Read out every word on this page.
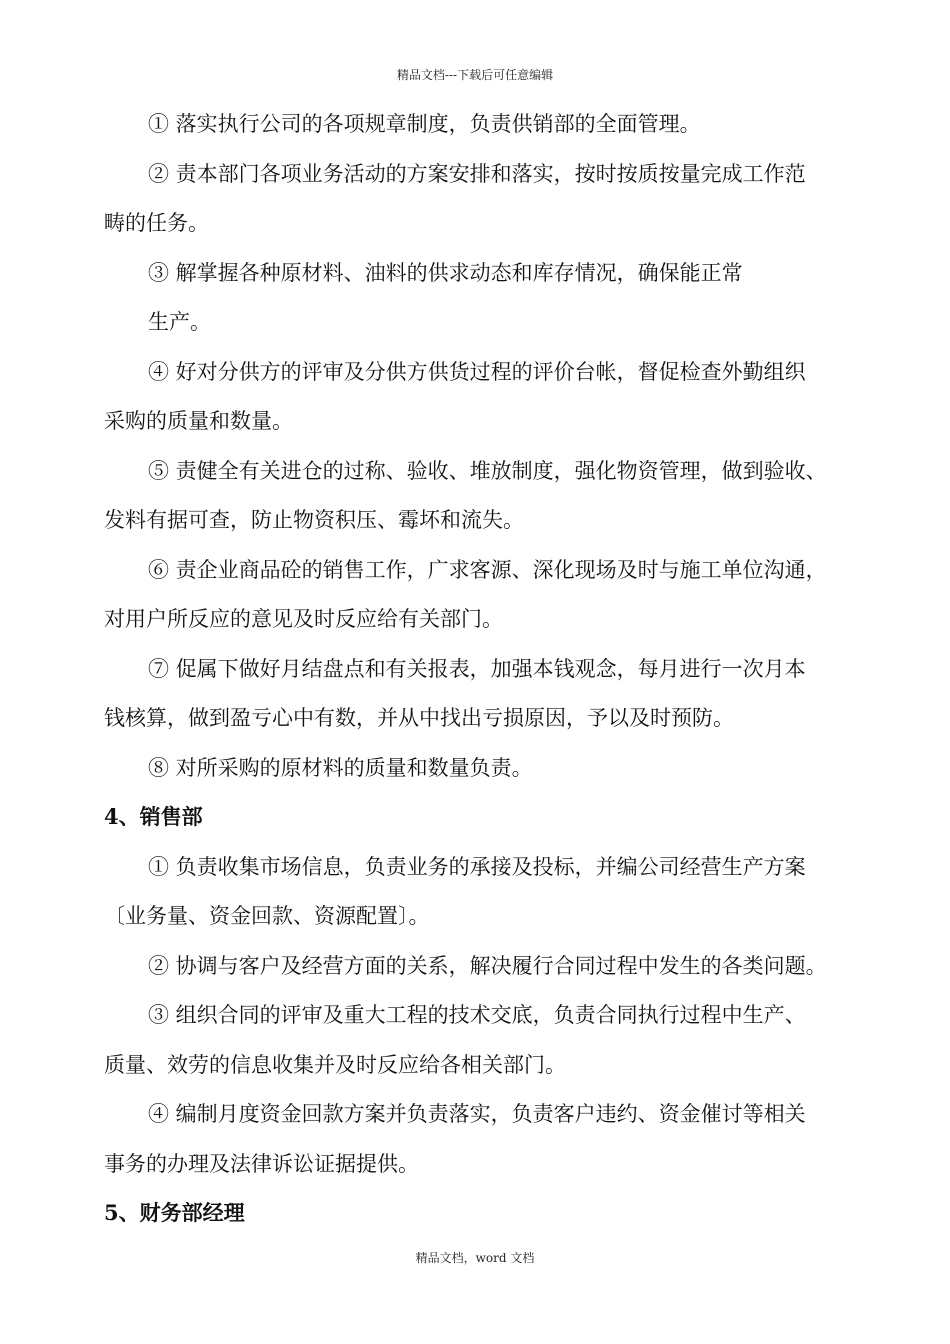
精品文档---下载后可任意编辑
① 落实执行公司的各项规章制度，负责供销部的全面管理。
② 责本部门各项业务活动的方案安排和落实，按时按质按量完成工作范
畴的任务。
③ 解掌握各种原材料、油料的供求动态和库存情况，确保能正常
生产。
④ 好对分供方的评审及分供方供货过程的评价台帐，督促检查外勤组织
采购的质量和数量。
⑤ 责健全有关进仓的过称、验收、堆放制度，强化物资管理，做到验收、
发料有据可查，防止物资积压、霉坏和流失。
⑥ 责企业商品砼的销售工作，广求客源、深化现场及时与施工单位沟通，
对用户所反应的意见及时反应给有关部门。
⑦ 促属下做好月结盘点和有关报表，加强本钱观念，每月进行一次月本
钱核算，做到盈亏心中有数，并从中找出亏损原因，予以及时预防。
⑧ 对所采购的原材料的质量和数量负责。
4、销售部
① 负责收集市场信息，负责业务的承接及投标，并编公司经营生产方案
〔业务量、资金回款、资源配置〕。
② 协调与客户及经营方面的关系，解决履行合同过程中发生的各类问题。
③ 组织合同的评审及重大工程的技术交底，负责合同执行过程中生产、
质量、效劳的信息收集并及时反应给各相关部门。
④ 编制月度资金回款方案并负责落实，负责客户违约、资金催讨等相关
事务的办理及法律诉讼证据提供。
5、财务部经理
精品文档，word 文档
